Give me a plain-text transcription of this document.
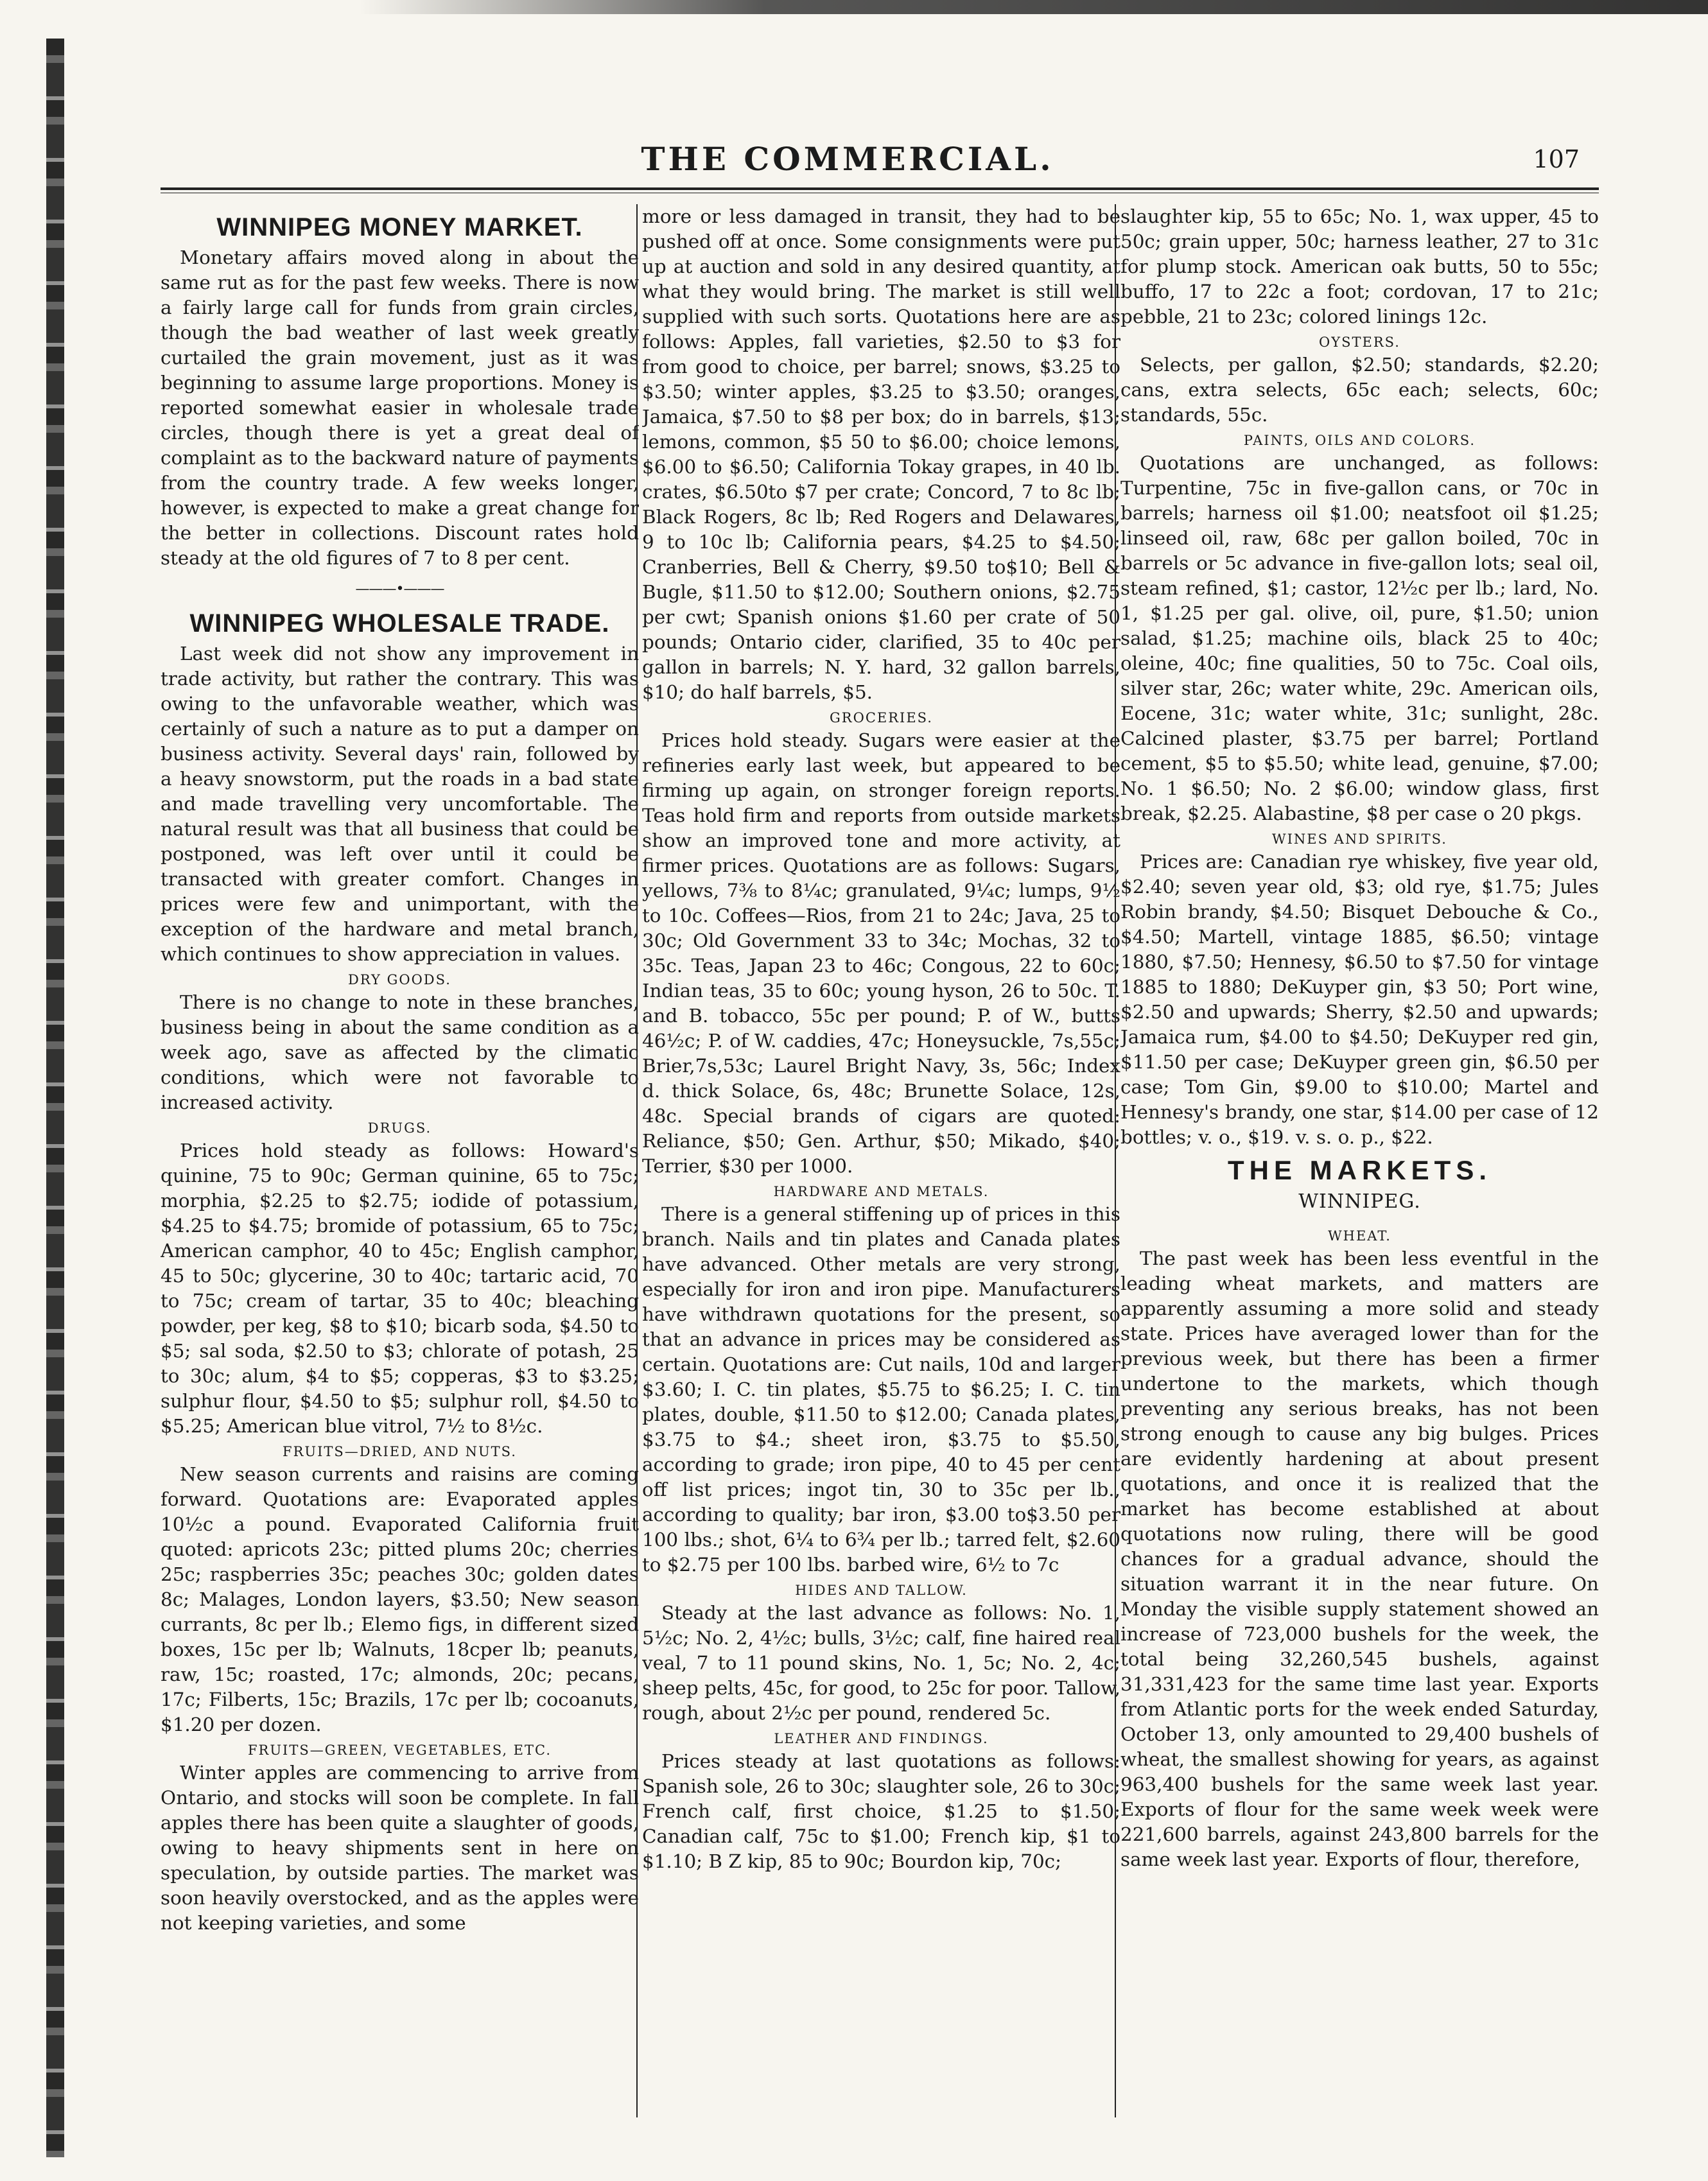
THE COMMERCIAL.	107
WINNIPEG MONEY MARKET.

Monetary affairs moved along in about the same rut as for the past few weeks. There is now a fairly large call for funds from grain circles, though the bad weather of last week greatly curtailed the grain movement, just as it was beginning to assume large proportions. Money is reported somewhat easier in wholesale trade circles, though there is yet a great deal of complaint as to the backward nature of payments from the country trade. A few weeks longer, however, is expected to make a great change for the better in collections. Discount rates hold steady at the old figures of 7 to 8 per cent.

———•———
WINNIPEG WHOLESALE TRADE.

Last week did not show any improvement in trade activity, but rather the contrary. This was owing to the unfavorable weather, which was certainly of such a nature as to put a damper on business activity. Several days' rain, followed by a heavy snowstorm, put the roads in a bad state and made travelling very uncomfortable. The natural result was that all business that could be postponed, was left over until it could be transacted with greater comfort. Changes in prices were few and unimportant, with the exception of the hardware and metal branch, which continues to show appreciation in values.

DRY GOODS.

There is no change to note in these branches, business being in about the same condition as a week ago, save as affected by the climatic conditions, which were not favorable to increased activity.

DRUGS.

Prices hold steady as follows: Howard's quinine, 75 to 90c; German quinine, 65 to 75c; morphia, $2.25 to $2.75; iodide of potassium, $4.25 to $4.75; bromide of potassium, 65 to 75c; American camphor, 40 to 45c; English camphor, 45 to 50c; glycerine, 30 to 40c; tartaric acid, 70 to 75c; cream of tartar, 35 to 40c; bleaching powder, per keg, $8 to $10; bicarb soda, $4.50 to $5; sal soda, $2.50 to $3; chlorate of potash, 25 to 30c; alum, $4 to $5; copperas, $3 to $3.25; sulphur flour, $4.50 to $5; sulphur roll, $4.50 to $5.25; American blue vitrol, 7½ to 8½c.

FRUITS—DRIED, AND NUTS.

New season currents and raisins are coming forward. Quotations are: Evaporated apples 10½c a pound. Evaporated California fruit quoted: apricots 23c; pitted plums 20c; cherries 25c; raspberries 35c; peaches 30c; golden dates 8c; Malages, London layers, $3.50; New season currants, 8c per lb.; Elemo figs, in different sized boxes, 15c per lb; Walnuts, 18cper lb; peanuts, raw, 15c; roasted, 17c; almonds, 20c; pecans, 17c; Filberts, 15c; Brazils, 17c per lb; cocoanuts, $1.20 per dozen.

FRUITS—GREEN, VEGETABLES, ETC.

Winter apples are commencing to arrive from Ontario, and stocks will soon be complete. In fall apples there has been quite a slaughter of goods, owing to heavy shipments sent in here on speculation, by outside parties. The market was soon heavily overstocked, and as the apples were not keeping varieties, and some

more or less damaged in transit, they had to be pushed off at once. Some consignments were put up at auction and sold in any desired quantity, at what they would bring. The market is still well supplied with such sorts. Quotations here are as follows: Apples, fall varieties, $2.50 to $3 for from good to choice, per barrel; snows, $3.25 to $3.50; winter apples, $3.25 to $3.50; oranges, Jamaica, $7.50 to $8 per box; do in barrels, $13; lemons, common, $5 50 to $6.00; choice lemons, $6.00 to $6.50; California Tokay grapes, in 40 lb. crates, $6.50to $7 per crate; Concord, 7 to 8c lb; Black Rogers, 8c lb; Red Rogers and Delawares, 9 to 10c lb; California pears, $4.25 to $4.50; Cranberries, Bell & Cherry, $9.50 to$10; Bell & Bugle, $11.50 to $12.00; Southern onions, $2.75 per cwt; Spanish onions $1.60 per crate of 50 pounds; Ontario cider, clarified, 35 to 40c per gallon in barrels; N. Y. hard, 32 gallon barrels, $10; do half barrels, $5.

GROCERIES.

Prices hold steady. Sugars were easier at the refineries early last week, but appeared to be firming up again, on stronger foreign reports. Teas hold firm and reports from outside markets show an improved tone and more activity, at firmer prices. Quotations are as follows: Sugars, yellows, 7⅜ to 8¼c; granulated, 9¼c; lumps, 9½ to 10c. Coffees—Rios, from 21 to 24c; Java, 25 to 30c; Old Government 33 to 34c; Mochas, 32 to 35c. Teas, Japan 23 to 46c; Congous, 22 to 60c; Indian teas, 35 to 60c; young hyson, 26 to 50c. T. and B. tobacco, 55c per pound; P. of W., butts 46½c; P. of W. caddies, 47c; Honeysuckle, 7s,55c; Brier,7s,53c; Laurel Bright Navy, 3s, 56c; Index d. thick Solace, 6s, 48c; Brunette Solace, 12s, 48c. Special brands of cigars are quoted: Reliance, $50; Gen. Arthur, $50; Mikado, $40; Terrier, $30 per 1000.

HARDWARE AND METALS.

There is a general stiffening up of prices in this branch. Nails and tin plates and Canada plates have advanced. Other metals are very strong, especially for iron and iron pipe. Manufacturers have withdrawn quotations for the present, so that an advance in prices may be considered as certain. Quotations are: Cut nails, 10d and larger $3.60; I. C. tin plates, $5.75 to $6.25; I. C. tin plates, double, $11.50 to $12.00; Canada plates, $3.75 to $4.; sheet iron, $3.75 to $5.50, according to grade; iron pipe, 40 to 45 per cent off list prices; ingot tin, 30 to 35c per lb., according to quality; bar iron, $3.00 to$3.50 per 100 lbs.; shot, 6¼ to 6¾ per lb.; tarred felt, $2.60 to $2.75 per 100 lbs. barbed wire, 6½ to 7c

HIDES AND TALLOW.

Steady at the last advance as follows: No. 1, 5½c; No. 2, 4½c; bulls, 3½c; calf, fine haired real veal, 7 to 11 pound skins, No. 1, 5c; No. 2, 4c; sheep pelts, 45c, for good, to 25c for poor. Tallow, rough, about 2½c per pound, rendered 5c.

LEATHER AND FINDINGS.

Prices steady at last quotations as follows: Spanish sole, 26 to 30c; slaughter sole, 26 to 30c; French calf, first choice, $1.25 to $1.50; Canadian calf, 75c to $1.00; French kip, $1 to $1.10; B Z kip, 85 to 90c; Bourdon kip, 70c;

slaughter kip, 55 to 65c; No. 1, wax upper, 45 to 50c; grain upper, 50c; harness leather, 27 to 31c for plump stock. American oak butts, 50 to 55c; buffo, 17 to 22c a foot; cordovan, 17 to 21c; pebble, 21 to 23c; colored linings 12c.

OYSTERS.

Selects, per gallon, $2.50; standards, $2.20; cans, extra selects, 65c each; selects, 60c; standards, 55c.

PAINTS, OILS AND COLORS.

Quotations are unchanged, as follows: Turpentine, 75c in five-gallon cans, or 70c in barrels; harness oil $1.00; neatsfoot oil $1.25; linseed oil, raw, 68c per gallon boiled, 70c in barrels or 5c advance in five-gallon lots; seal oil, steam refined, $1; castor, 12½c per lb.; lard, No. 1, $1.25 per gal. olive, oil, pure, $1.50; union salad, $1.25; machine oils, black 25 to 40c; oleine, 40c; fine qualities, 50 to 75c. Coal oils, silver star, 26c; water white, 29c. American oils, Eocene, 31c; water white, 31c; sunlight, 28c. Calcined plaster, $3.75 per barrel; Portland cement, $5 to $5.50; white lead, genuine, $7.00; No. 1 $6.50; No. 2 $6.00; window glass, first break, $2.25. Alabastine, $8 per case o 20 pkgs.

WINES AND SPIRITS.

Prices are: Canadian rye whiskey, five year old, $2.40; seven year old, $3; old rye, $1.75; Jules Robin brandy, $4.50; Bisquet Debouche & Co., $4.50; Martell, vintage 1885, $6.50; vintage 1880, $7.50; Hennesy, $6.50 to $7.50 for vintage 1885 to 1880; DeKuyper gin, $3 50; Port wine, $2.50 and upwards; Sherry, $2.50 and upwards; Jamaica rum, $4.00 to $4.50; DeKuyper red gin, $11.50 per case; DeKuyper green gin, $6.50 per case; Tom Gin, $9.00 to $10.00; Martel and Hennesy's brandy, one star, $14.00 per case of 12 bottles; v. o., $19. v. s. o. p., $22.

THE MARKETS.
WINNIPEG.
WHEAT.

The past week has been less eventful in the leading wheat markets, and matters are apparently assuming a more solid and steady state. Prices have averaged lower than for the previous week, but there has been a firmer undertone to the markets, which though preventing any serious breaks, has not been strong enough to cause any big bulges. Prices are evidently hardening at about present quotations, and once it is realized that the market has become established at about quotations now ruling, there will be good chances for a gradual advance, should the situation warrant it in the near future. On Monday the visible supply statement showed an increase of 723,000 bushels for the week, the total being 32,260,545 bushels, against 31,331,423 for the same time last year. Exports from Atlantic ports for the week ended Saturday, October 13, only amounted to 29,400 bushels of wheat, the smallest showing for years, as against 963,400 bushels for the same week last year. Exports of flour for the same week week were 221,600 barrels, against 243,800 barrels for the same week last year. Exports of flour, therefore,
